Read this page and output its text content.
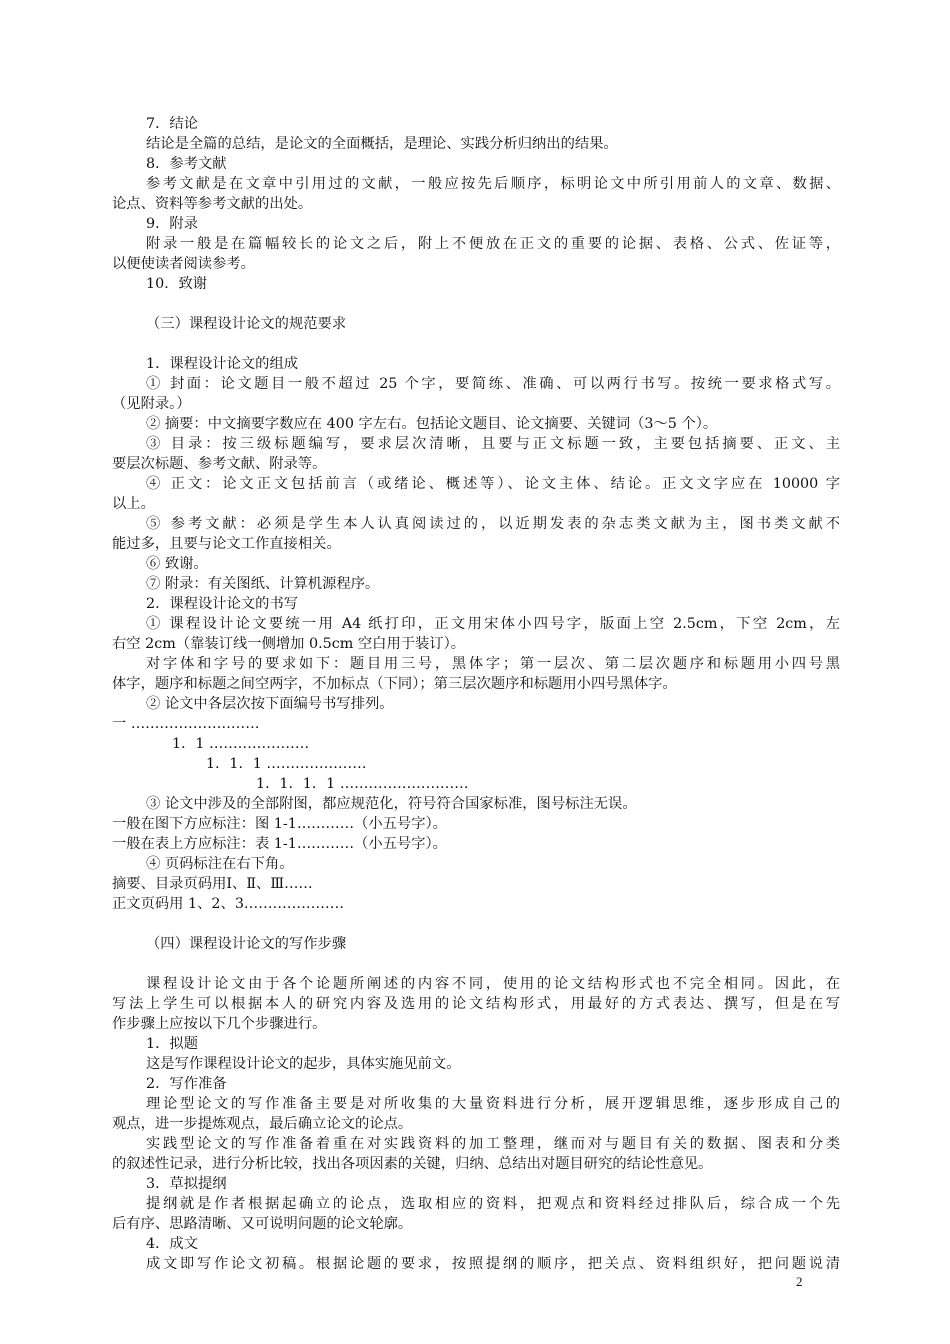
7．结论
结论是全篇的总结，是论文的全面概括，是理论、实践分析归纳出的结果。
8．参考文献
参考文献是在文章中引用过的文献，一般应按先后顺序，标明论文中所引用前人的文章、数据、
论点、资料等参考文献的出处。
9．附录
附录一般是在篇幅较长的论文之后，附上不便放在正文的重要的论据、表格、公式、佐证等，
以便使读者阅读参考。
10．致谢
（三）课程设计论文的规范要求
1．课程设计论文的组成
① 封面：论文题目一般不超过 25 个字，要简练、准确、可以两行书写。按统一要求格式写。
（见附录。）
② 摘要：中文摘要字数应在 400 字左右。包括论文题目、论文摘要、关键词（3～5 个）。
③ 目录：按三级标题编写，要求层次清晰，且要与正文标题一致，主要包括摘要、正文、主
要层次标题、参考文献、附录等。
④ 正文：论文正文包括前言（或绪论、概述等）、论文主体、结论。正文文字应在 10000 字
以上。
⑤ 参考文献：必须是学生本人认真阅读过的，以近期发表的杂志类文献为主，图书类文献不
能过多，且要与论文工作直接相关。
⑥ 致谢。
⑦ 附录：有关图纸、计算机源程序。
2．课程设计论文的书写
① 课程设计论文要统一用 A4 纸打印，正文用宋体小四号字，版面上空 2.5cm，下空 2cm，左
右空 2cm（靠装订线一侧增加 0.5cm 空白用于装订）。
对字体和字号的要求如下：题目用三号，黑体字；第一层次、第二层次题序和标题用小四号黑
体字，题序和标题之间空两字，不加标点（下同）；第三层次题序和标题用小四号黑体字。
② 论文中各层次按下面编号书写排列。
一 ………………………
1．1 …………………
1．1．1 …………………
1．1．1．1 ………………………
③ 论文中涉及的全部附图，都应规范化，符号符合国家标准，图号标注无误。
一般在图下方应标注：图 1-1…………（小五号字）。
一般在表上方应标注：表 1-1…………（小五号字）。
④ 页码标注在右下角。
摘要、目录页码用Ⅰ、Ⅱ、Ⅲ……
正文页码用 1、2、3…………………
（四）课程设计论文的写作步骤
课程设计论文由于各个论题所阐述的内容不同，使用的论文结构形式也不完全相同。因此，在
写法上学生可以根据本人的研究内容及选用的论文结构形式，用最好的方式表达、撰写，但是在写
作步骤上应按以下几个步骤进行。
1．拟题
这是写作课程设计论文的起步，具体实施见前文。
2．写作准备
理论型论文的写作准备主要是对所收集的大量资料进行分析，展开逻辑思维，逐步形成自己的
观点，进一步提炼观点，最后确立论文的论点。
实践型论文的写作准备着重在对实践资料的加工整理，继而对与题目有关的数据、图表和分类
的叙述性记录，进行分析比较，找出各项因素的关键，归纳、总结出对题目研究的结论性意见。
3．草拟提纲
提纲就是作者根据起确立的论点，选取相应的资料，把观点和资料经过排队后，综合成一个先
后有序、思路清晰、又可说明问题的论文轮廓。
4．成文
成文即写作论文初稿。根据论题的要求，按照提纲的顺序，把关点、资料组织好，把问题说清
2
